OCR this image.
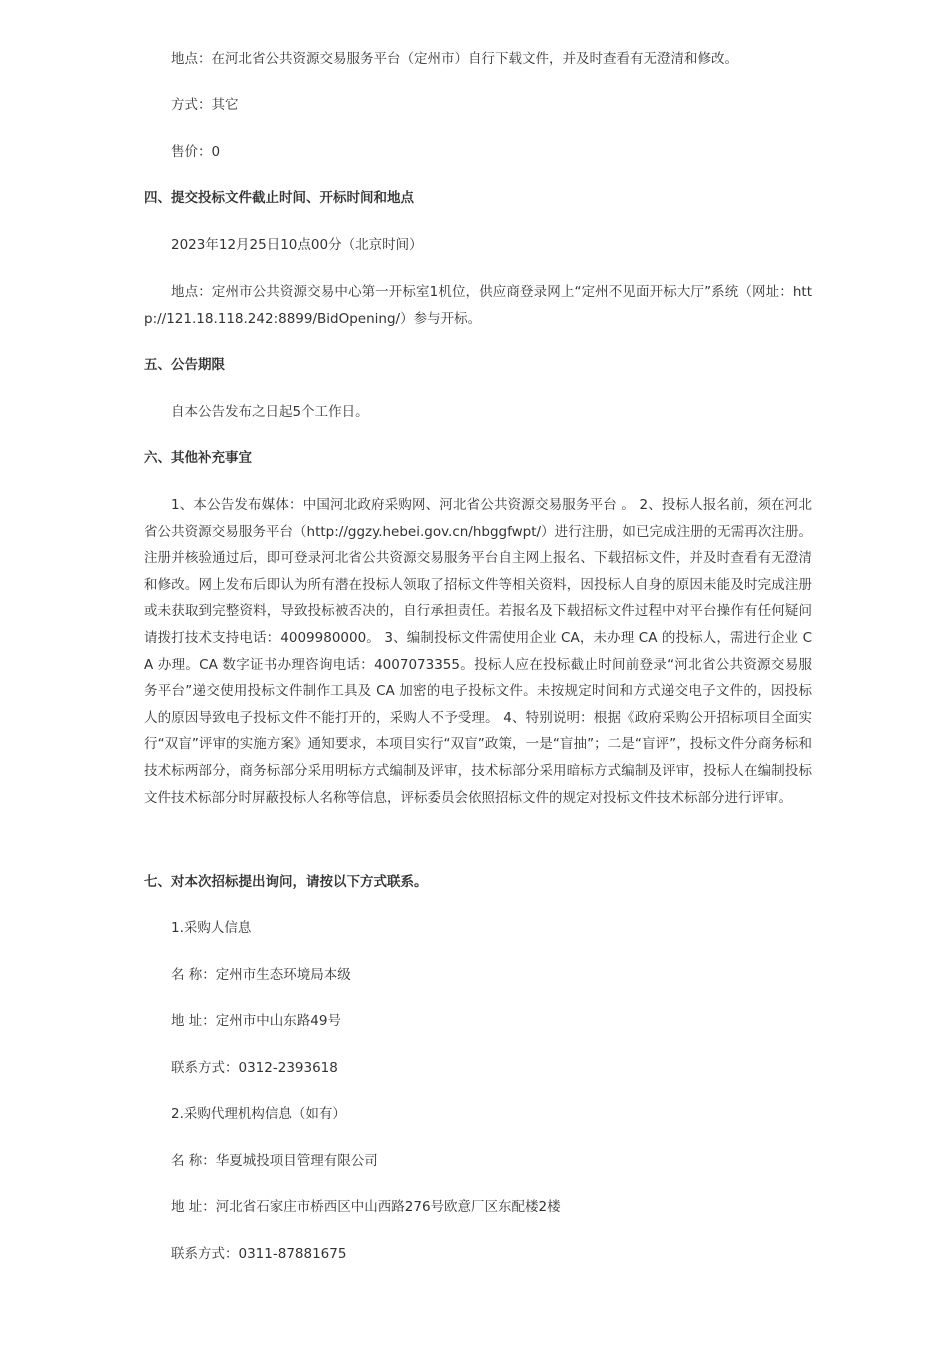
地点：在河北省公共资源交易服务平台（定州市）自行下载文件，并及时查看有无澄清和修改。
方式：其它
售价：0
四、提交投标文件截止时间、开标时间和地点
2023年12月25日10点00分（北京时间）
地点：定州市公共资源交易中心第一开标室1机位，供应商登录网上“定州不见面开标大厅”系统（网址：http://121.18.118.242:8899/BidOpening/）参与开标。
五、公告期限
自本公告发布之日起5个工作日。
六、其他补充事宜
1、本公告发布媒体：中国河北政府采购网、河北省公共资源交易服务平台 。 2、投标人报名前，须在河北省公共资源交易服务平台（http://ggzy.hebei.gov.cn/hbggfwpt/）进行注册，如已完成注册的无需再次注册。注册并核验通过后，即可登录河北省公共资源交易服务平台自主网上报名、下载招标文件，并及时查看有无澄清和修改。网上发布后即认为所有潜在投标人领取了招标文件等相关资料，因投标人自身的原因未能及时完成注册或未获取到完整资料，导致投标被否决的，自行承担责任。若报名及下载招标文件过程中对平台操作有任何疑问请拨打技术支持电话：4009980000。 3、编制投标文件需使用企业 CA，未办理 CA 的投标人，需进行企业 CA 办理。CA 数字证书办理咨询电话：4007073355。投标人应在投标截止时间前登录“河北省公共资源交易服务平台”递交使用投标文件制作工具及 CA 加密的电子投标文件。未按规定时间和方式递交电子文件的，因投标人的原因导致电子投标文件不能打开的，采购人不予受理。 4、特别说明：根据《政府采购公开招标项目全面实行“双盲”评审的实施方案》通知要求，本项目实行“双盲”政策，一是“盲抽”；二是“盲评”，投标文件分商务标和技术标两部分，商务标部分采用明标方式编制及评审，技术标部分采用暗标方式编制及评审，投标人在编制投标文件技术标部分时屏蔽投标人名称等信息，评标委员会依照招标文件的规定对投标文件技术标部分进行评审。
七、对本次招标提出询问，请按以下方式联系。
1.采购人信息
名 称：定州市生态环境局本级
地 址：定州市中山东路49号
联系方式：0312-2393618
2.采购代理机构信息（如有）
名 称：华夏城投项目管理有限公司
地 址：河北省石家庄市桥西区中山西路276号欧意厂区东配楼2楼
联系方式：0311-87881675
